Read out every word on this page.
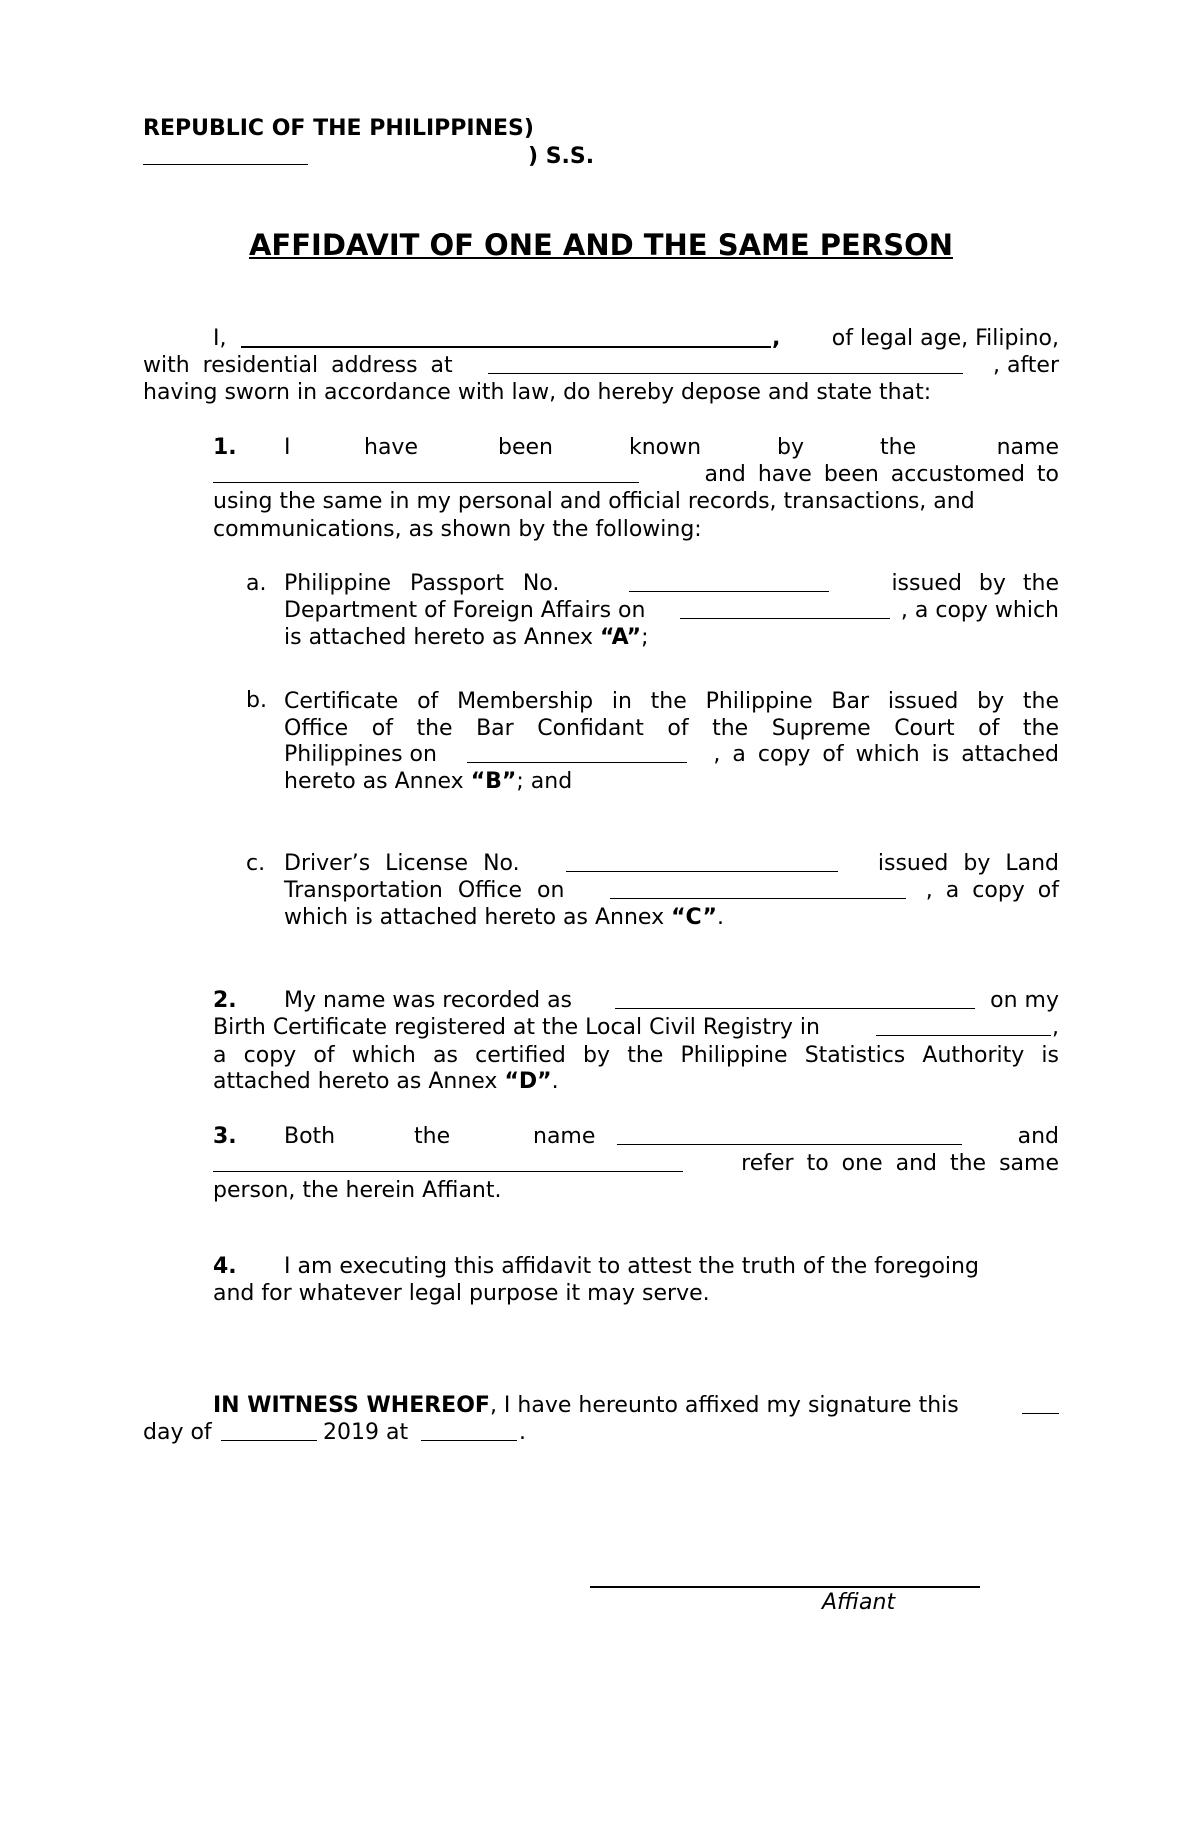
REPUBLIC OF THE PHILIPPINES)
) S.S.
AFFIDAVIT OF ONE AND THE SAME PERSON
I,	, of legal age, Filipino,
with residential address at	, after
having sworn in accordance with law, do hereby depose and state that:
1. I	have	been	known	by	the	name
and have been accustomed to
using the same in my personal and official records, transactions, and
communications, as shown by the following:
a. Philippine Passport No.	issued by the
Department of Foreign Affairs on	, a copy which
is attached hereto as Annex “A”;
b. Certificate of Membership in the Philippine Bar issued by the
Office of the Bar Confidant of the Supreme Court of the
Philippines on	, a copy of which is attached
hereto as Annex “B”; and
c. Driver’s License No.	issued by Land
Transportation Office on	, a copy of
which is attached hereto as Annex “C”.
2. My name was recorded as	on my
Birth Certificate registered at the Local Civil Registry in	,
a copy of which as certified by the Philippine Statistics Authority is
attached hereto as Annex “D”.
3. Both	the	name	and
refer to one and the same
person, the herein Affiant.
4. I am executing this affidavit to attest the truth of the foregoing
and for whatever legal purpose it may serve.
IN WITNESS WHEREOF, I have hereunto affixed my signature this
day of	2019 at	.
Affiant
